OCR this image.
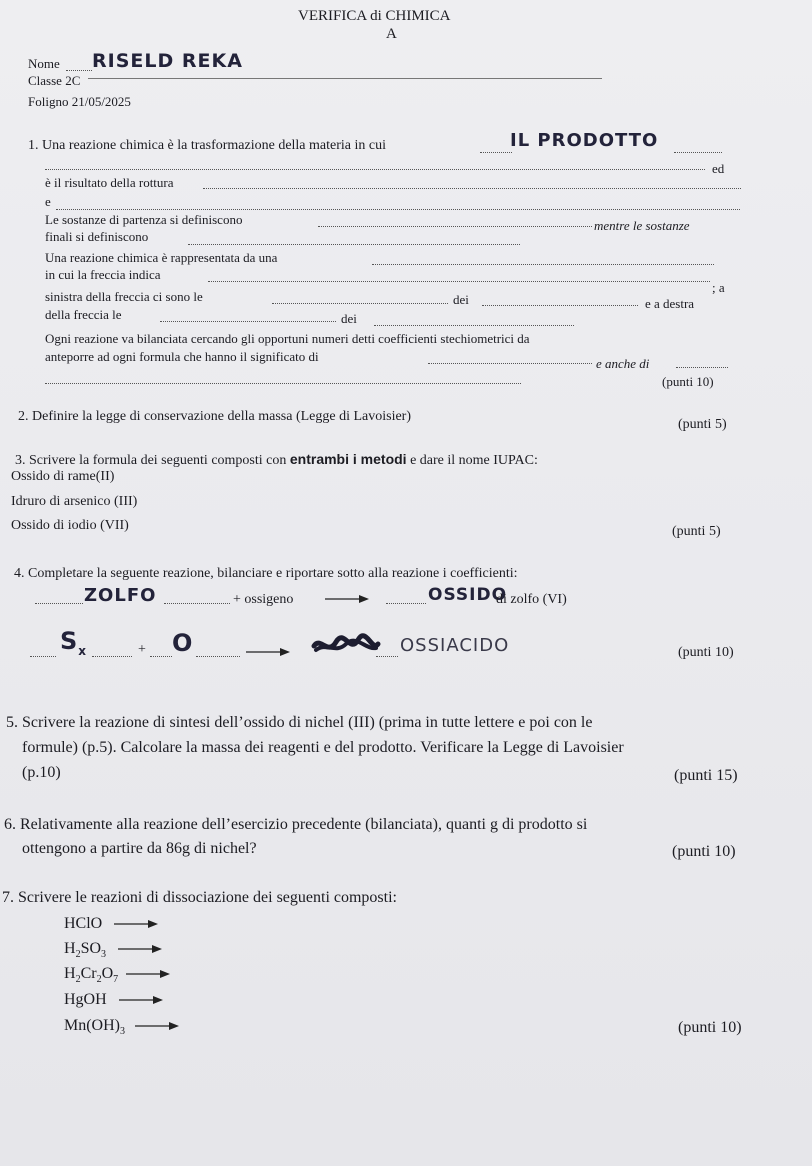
VERIFICA di CHIMICA
A
Nome RISELD REKA
Classe 2C
Foligno 21/05/2025
1. Una reazione chimica è la trasformazione della materia in cui	IL PRODOTTO
ed
è il risultato della rottura
e
Le sostanze di partenza si definiscono	mentre le sostanze
finali si definiscono
Una reazione chimica è rappresentata da una
in cui la freccia indica
; a
sinistra della freccia ci sono le	dei	e a destra
della freccia le	dei
Ogni reazione va bilanciata cercando gli opportuni numeri detti coefficienti stechiometrici da
anteporre ad ogni formula che hanno il significato di	e anche di
(punti 10)
2. Definire la legge di conservazione della massa (Legge di Lavoisier)
(punti 5)
3. Scrivere la formula dei seguenti composti con entrambi i metodi e dare il nome IUPAC:
Ossido di rame(II)
Idruro di arsenico (III)
Ossido di iodio (VII)	(punti 5)
4. Completare la seguente reazione, bilanciare e riportare sotto alla reazione i coefficienti:
ZOLFO	+ ossigeno	OSSIDO
di zolfo (VI)
$S_x$	+ O	OSSIACIDO	(punti 10)
5. Scrivere la reazione di sintesi dell’ossido di nichel (III) (prima in tutte lettere e poi con le
formule) (p.5). Calcolare la massa dei reagenti e del prodotto. Verificare la Legge di Lavoisier
(p.10)	(punti 15)
6. Relativamente alla reazione dell’esercizio precedente (bilanciata), quanti g di prodotto si
ottengono a partire da 86g di nichel?	(punti 10)
7. Scrivere le reazioni di dissociazione dei seguenti composti:
HClO
$H_2SO_3$
$H_2Cr_2O_7$
HgOH
$Mn(OH)_3$	(punti 10)
